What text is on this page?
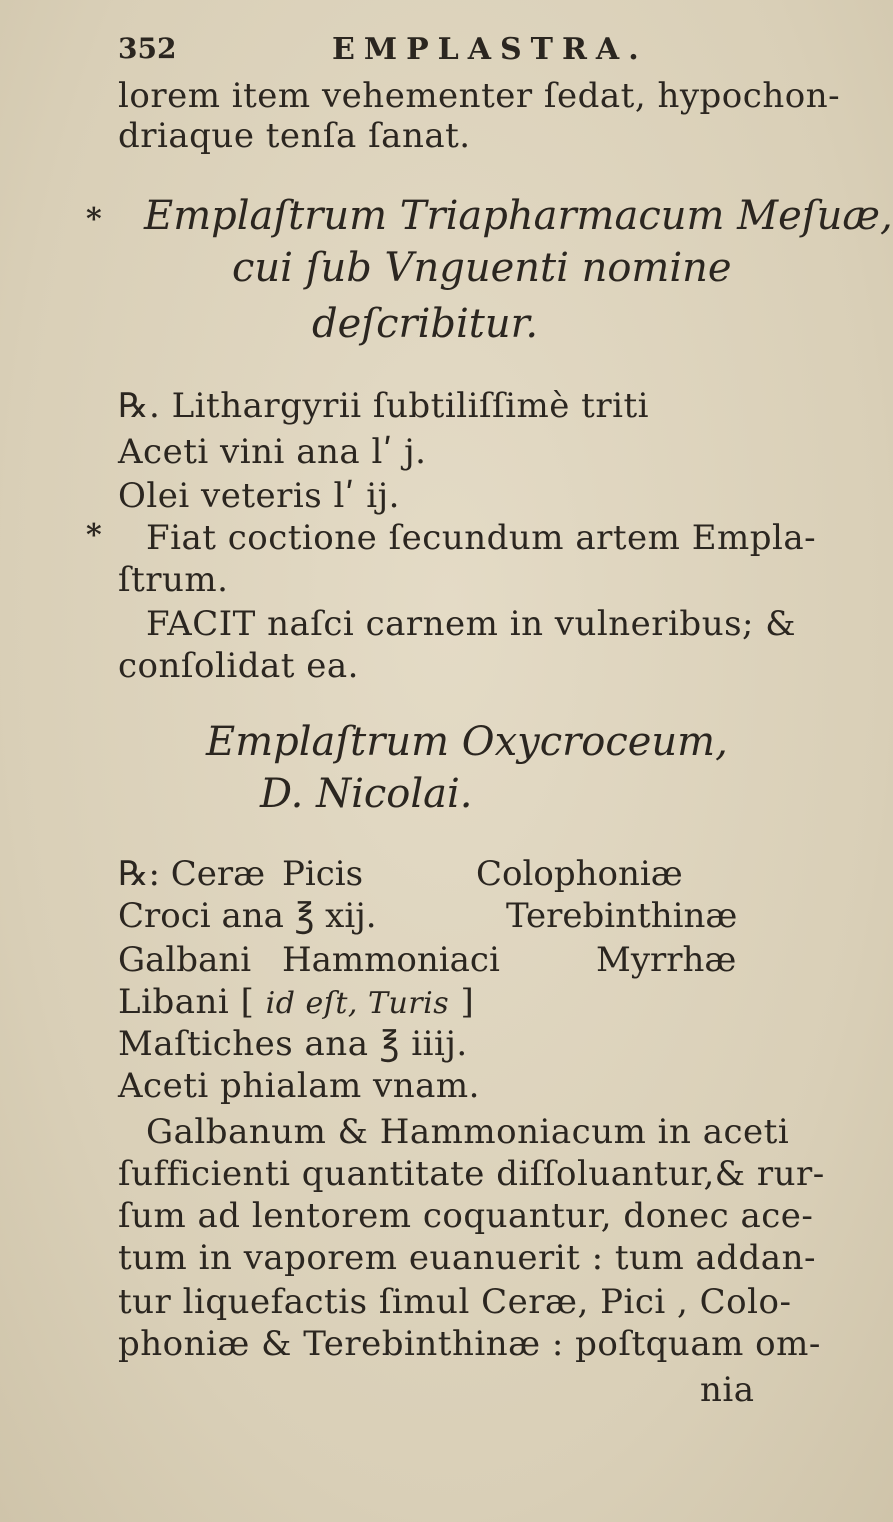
352	EMPLASTRA.
lorem item vehementer ſedat, hypochon-
driaque tenſa ſanat.
* Emplaſtrum Triapharmacum Meſuæ,
cui ſub Vnguenti nomine
deſcribitur.
℞. Lithargyrii ſubtiliſſimè triti
Aceti vini ana lʹ j.
Olei veteris lʹ ij.
* Fiat coctione ſecundum artem Empla-
ſtrum.
FACIT naſci carnem in vulneribus; &
conſolidat ea.
Emplaſtrum Oxycroceum,
D. Nicolai.
℞: Ceræ Picis	Colophoniæ
Croci ana ℥ xij.	Terebinthinæ
Galbani Hammoniaci	Myrrhæ
Libani [ id eſt, Turis ]
Maſtiches ana ℥ iiij.
Aceti phialam vnam.
Galbanum & Hammoniacum in aceti
ſufficienti quantitate diſſoluantur,& rur-
ſum ad lentorem coquantur, donec ace-
tum in vaporem euanuerit : tum addan-
tur liquefactis ſimul Ceræ, Pici , Colo-
phoniæ & Terebinthinæ : poſtquam om-
nia
